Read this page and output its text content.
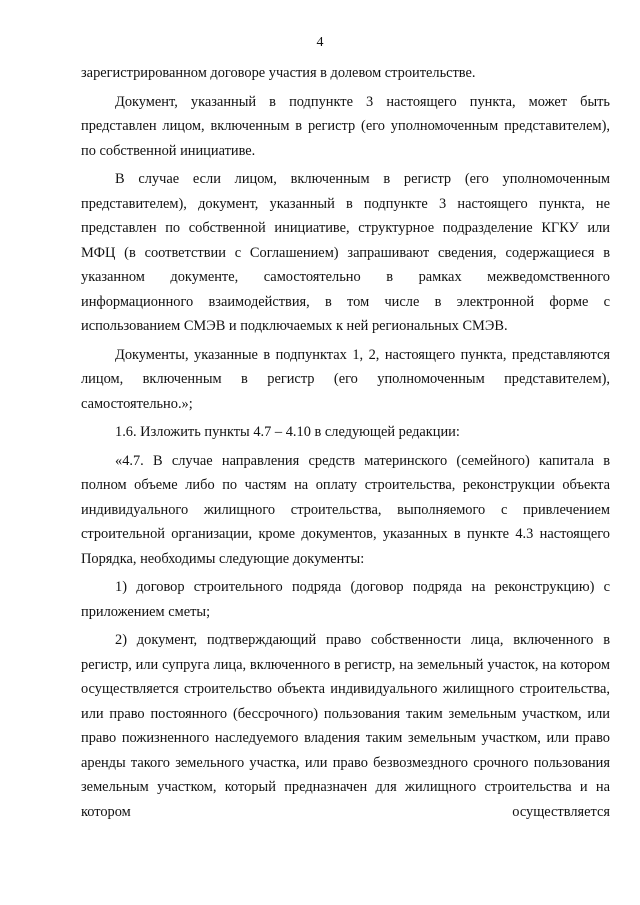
4

зарегистрированном договоре участия в долевом строительстве.

Документ, указанный в подпункте 3 настоящего пункта, может быть представлен лицом, включенным в регистр (его уполномоченным представителем), по собственной инициативе.

В случае если лицом, включенным в регистр (его уполномоченным представителем), документ, указанный в подпункте 3 настоящего пункта, не представлен по собственной инициативе, структурное подразделение КГКУ или МФЦ (в соответствии с Соглашением) запрашивают сведения, содержащиеся в указанном документе, самостоятельно в рамках межведомственного информационного взаимодействия, в том числе в электронной форме с использованием СМЭВ и подключаемых к ней региональных СМЭВ.

Документы, указанные в подпунктах 1, 2, настоящего пункта, представляются лицом, включенным в регистр (его уполномоченным представителем), самостоятельно.»;

1.6. Изложить пункты 4.7 – 4.10 в следующей редакции:

«4.7. В случае направления средств материнского (семейного) капитала в полном объеме либо по частям на оплату строительства, реконструкции объекта индивидуального жилищного строительства, выполняемого с привлечением строительной организации, кроме документов, указанных в пункте 4.3 настоящего Порядка, необходимы следующие документы:

1) договор строительного подряда (договор подряда на реконструкцию) с приложением сметы;

2) документ, подтверждающий право собственности лица, включенного в регистр, или супруга лица, включенного в регистр, на земельный участок, на котором осуществляется строительство объекта индивидуального жилищного строительства, или право постоянного (бессрочного) пользования таким земельным участком, или право пожизненного наследуемого владения таким земельным участком, или право аренды такого земельного участка, или право безвозмездного срочного пользования земельным участком, который предназначен для жилищного строительства и на котором осуществляется
